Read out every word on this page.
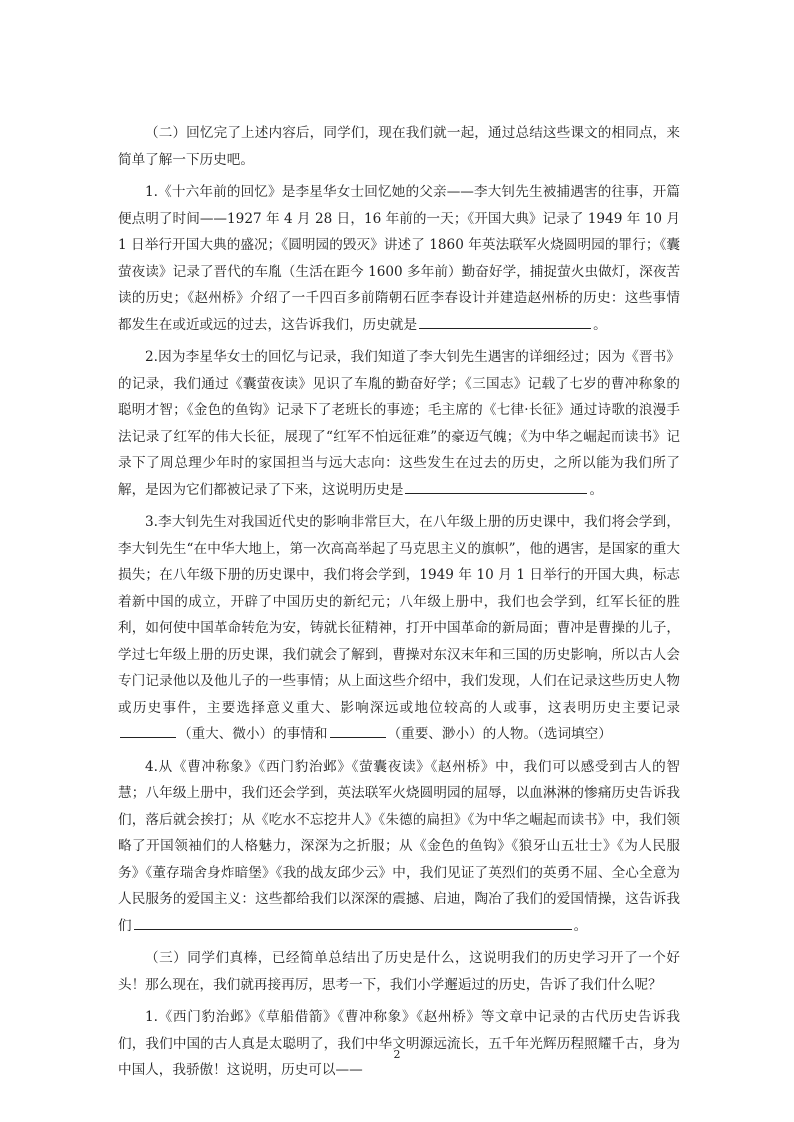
（二）回忆完了上述内容后，同学们，现在我们就一起，通过总结这些课文的相同点，来简单了解一下历史吧。

1.《十六年前的回忆》是李星华女士回忆她的父亲——李大钊先生被捕遇害的往事，开篇便点明了时间——1927 年 4 月 28 日，16 年前的一天；《开国大典》记录了 1949 年 10 月 1 日举行开国大典的盛况；《圆明园的毁灭》讲述了 1860 年英法联军火烧圆明园的罪行；《囊萤夜读》记录了晋代的车胤（生活在距今 1600 多年前）勤奋好学，捕捉萤火虫做灯，深夜苦读的历史；《赵州桥》介绍了一千四百多前隋朝石匠李春设计并建造赵州桥的历史：这些事情都发生在或近或远的过去，这告诉我们，历史就是	。

2.因为李星华女士的回忆与记录，我们知道了李大钊先生遇害的详细经过；因为《晋书》的记录，我们通过《囊萤夜读》见识了车胤的勤奋好学；《三国志》记载了七岁的曹冲称象的聪明才智；《金色的鱼钩》记录下了老班长的事迹；毛主席的《七律·长征》通过诗歌的浪漫手法记录了红军的伟大长征，展现了“红军不怕远征难”的豪迈气魄；《为中华之崛起而读书》记录下了周总理少年时的家国担当与远大志向：这些发生在过去的历史，之所以能为我们所了解，是因为它们都被记录了下来，这说明历史是	。

3.李大钊先生对我国近代史的影响非常巨大，在八年级上册的历史课中，我们将会学到，李大钊先生“在中华大地上，第一次高高举起了马克思主义的旗帜”，他的遇害，是国家的重大损失；在八年级下册的历史课中，我们将会学到，1949 年 10 月 1 日举行的开国大典，标志着新中国的成立，开辟了中国历史的新纪元；八年级上册中，我们也会学到，红军长征的胜利，如何使中国革命转危为安，铸就长征精神，打开中国革命的新局面；曹冲是曹操的儿子，学过七年级上册的历史课，我们就会了解到，曹操对东汉末年和三国的历史影响，所以古人会专门记录他以及他儿子的一些事情；从上面这些介绍中，我们发现，人们在记录这些历史人物或历史事件，主要选择意义重大、影响深远或地位较高的人或事，这表明历史主要记录（重大、微小）的事情和	（重要、渺小）的人物。（选词填空）

4.从《曹冲称象》《西门豹治邺》《萤囊夜读》《赵州桥》中，我们可以感受到古人的智慧；八年级上册中，我们还会学到，英法联军火烧圆明园的屈辱，以血淋淋的惨痛历史告诉我们，落后就会挨打；从《吃水不忘挖井人》《朱德的扁担》《为中华之崛起而读书》中，我们领略了开国领袖们的人格魅力，深深为之折服；从《金色的鱼钩》《狼牙山五壮士》《为人民服务》《董存瑞舍身炸暗堡》《我的战友邱少云》中，我们见证了英烈们的英勇不屈、全心全意为人民服务的爱国主义：这些都给我们以深深的震撼、启迪，陶冶了我们的爱国情操，这告诉我们	。

（三）同学们真棒，已经简单总结出了历史是什么，这说明我们的历史学习开了一个好头！那么现在，我们就再接再厉，思考一下，我们小学邂逅过的历史，告诉了我们什么呢？

1.《西门豹治邺》《草船借箭》《曹冲称象》《赵州桥》等文章中记录的古代历史告诉我们，我们中国的古人真是太聪明了，我们中华文明源远流长，五千年光辉历程照耀千古，身为中国人，我骄傲！这说明，历史可以——

2
